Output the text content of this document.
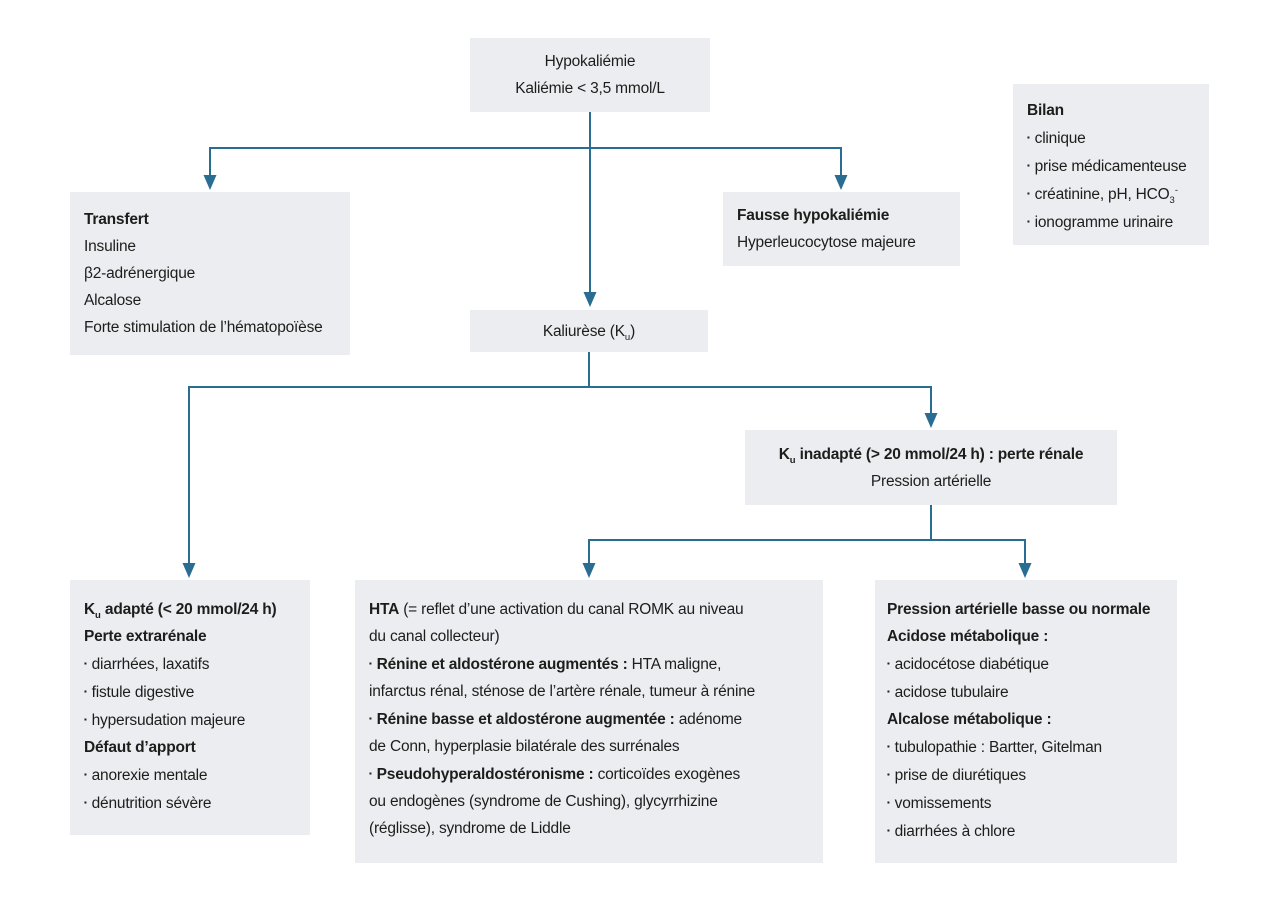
Hypokaliémie
Kaliémie < 3,5 mmol/L
Bilan
▪ clinique
▪ prise médicamenteuse
▪ créatinine, pH, $HCO_3^-$
▪ ionogramme urinaire
Transfert
Insuline
β2-adrénergique
Alcalose
Forte stimulation de l’hématopoïèse
Fausse hypokaliémie
Hyperleucocytose majeure
Kaliurèse $(K_u)$
$K_u$ inadapté (> 20 mmol/24 h) : perte rénale
Pression artérielle
$K_u$ adapté (< 20 mmol/24 h)
Perte extrarénale
▪ diarrhées, laxatifs
▪ fistule digestive
▪ hypersudation majeure
Défaut d’apport
▪ anorexie mentale
▪ dénutrition sévère
HTA (= reflet d’une activation du canal ROMK au niveau
du canal collecteur)
▪ Rénine et aldostérone augmentés : HTA maligne,
infarctus rénal, sténose de l’artère rénale, tumeur à rénine
▪ Rénine basse et aldostérone augmentée : adénome
de Conn, hyperplasie bilatérale des surrénales
▪ Pseudohyperaldostéronisme : corticoïdes exogènes
ou endogènes (syndrome de Cushing), glycyrrhizine
(réglisse), syndrome de Liddle
Pression artérielle basse ou normale
Acidose métabolique :
▪ acidocétose diabétique
▪ acidose tubulaire
Alcalose métabolique :
▪ tubulopathie : Bartter, Gitelman
▪ prise de diurétiques
▪ vomissements
▪ diarrhées à chlore
